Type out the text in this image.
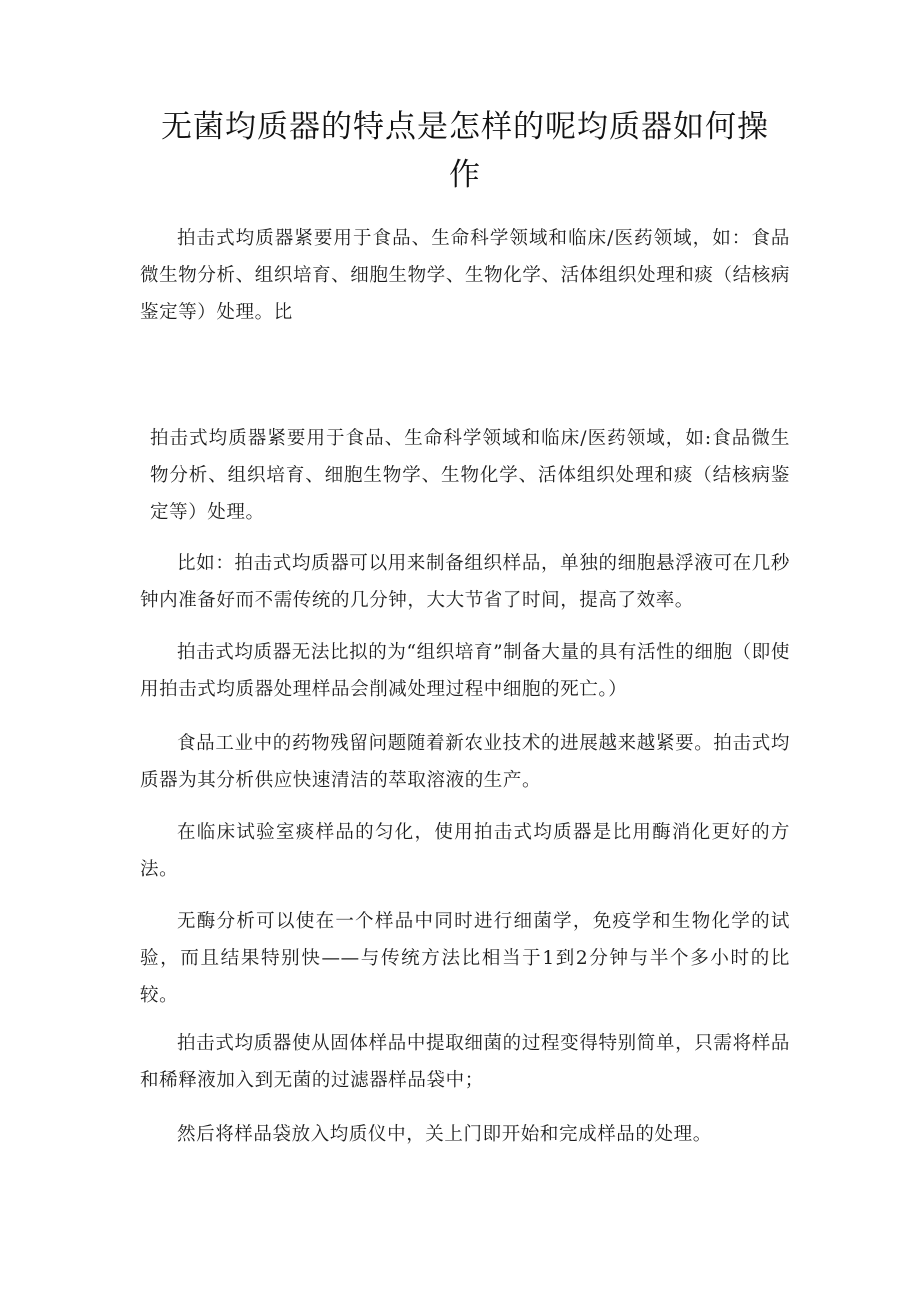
无菌均质器的特点是怎样的呢均质器如何操作

拍击式均质器紧要用于食品、生命科学领域和临床/医药领域，如：食品微生物分析、组织培育、细胞生物学、生物化学、活体组织处理和痰（结核病鉴定等）处理。比

拍击式均质器紧要用于食品、生命科学领域和临床/医药领域，如:食品微生物分析、组织培育、细胞生物学、生物化学、活体组织处理和痰（结核病鉴定等）处理。

比如：拍击式均质器可以用来制备组织样品，单独的细胞悬浮液可在几秒钟内准备好而不需传统的几分钟，大大节省了时间，提高了效率。

拍击式均质器无法比拟的为“组织培育”制备大量的具有活性的细胞（即使用拍击式均质器处理样品会削减处理过程中细胞的死亡。）

食品工业中的药物残留问题随着新农业技术的进展越来越紧要。拍击式均质器为其分析供应快速清洁的萃取溶液的生产。

在临床试验室痰样品的匀化，使用拍击式均质器是比用酶消化更好的方法。

无酶分析可以使在一个样品中同时进行细菌学，免疫学和生物化学的试验，而且结果特别快——与传统方法比相当于1到2分钟与半个多小时的比较。

拍击式均质器使从固体样品中提取细菌的过程变得特别简单，只需将样品和稀释液加入到无菌的过滤器样品袋中；

然后将样品袋放入均质仪中，关上门即开始和完成样品的处理。
